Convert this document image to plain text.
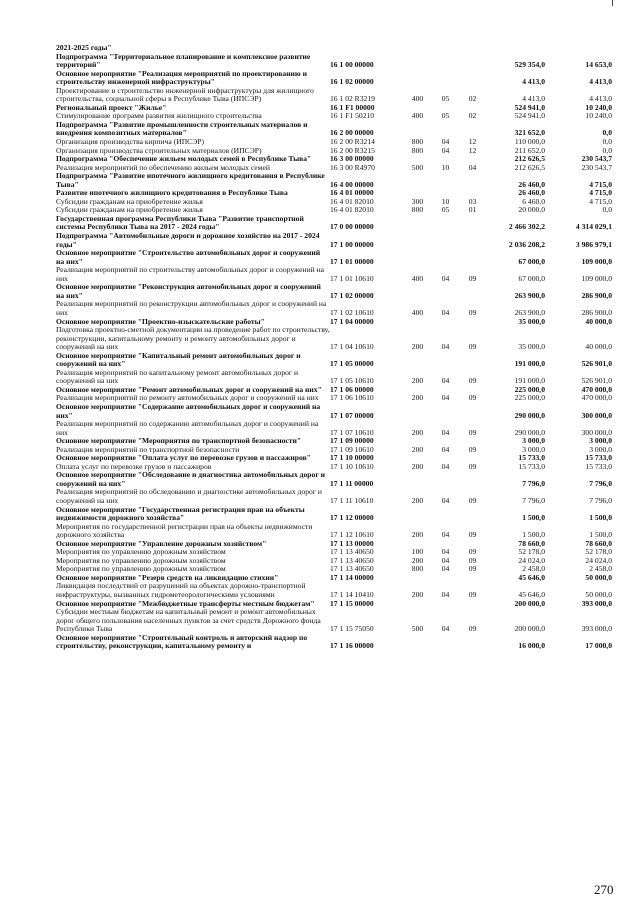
2021-2025 годы"						
Подпрограмма "Территориальное планирование и комплексное развитие территорий"	16 1 00 00000				529 354,0	14 653,0
Основное мероприятие "Реализация мероприятий по проектированию и строительству инженерной инфраструктуры"	16 1 02 00000				4 413,0	4 413,0
Проектирование и строительство инженерной инфраструктуры для жилищного строительства, социальной сферы в Республике Тыва (ИПСЭР)	16 1 02 R3219	400	05	02	4 413,0	4 413,0
Региональный проект "Жилье"	16 1 F1 00000				524 941,0	10 240,0
Стимулирование программ развития жилищного строительства	16 1 F1 50210	400	05	02	524 941,0	10 240,0
Подпрограмма "Развитие промышленности строительных материалов и внедрения композитных материалов"	16 2 00 00000				321 652,0	0,0
Организация производства кирпича (ИПСЭР)	16 2 00 R3214	800	04	12	110 000,0	0,0
Организация производства строительных материалов (ИПСЭР)	16 2 00 R3215	800	04	12	211 652,0	0,0
Подпрограмма "Обеспечение жильем молодых семей в Республике Тыва"	16 3 00 00000				212 626,5	230 543,7
Реализация мероприятий по обеспечению жильем молодых семей	16 3 00 R4970	500	10	04	212 626,5	230 543,7
Подпрограмма "Развитие ипотечного жилищного кредитования в Республике Тыва"	16 4 00 00000				26 460,0	4 715,0
Развитие ипотечного жилищного кредитования в Республике Тыва	16 4 01 00000				26 460,0	4 715,0
Субсидии гражданам на приобретение жилья	16 4 01 82010	300	10	03	6 460,0	4 715,0
Субсидии гражданам на приобретение жилья	16 4 01 82010	800	05	01	20 000,0	0,0
Государственная программа Республики Тыва "Развитие транспортной системы Республики Тыва на 2017 - 2024 годы"	17 0 00 00000				2 466 302,2	4 314 029,1
Подпрограмма "Автомобильные дороги и дорожное хозяйство на 2017 - 2024 годы"	17 1 00 00000				2 036 208,2	3 986 979,1
Основное мероприятие "Строительство автомобильных дорог и сооружений на них"	17 1 01 00000				67 000,0	109 000,0
Реализация мероприятий по строительству автомобильных дорог и сооружений на них	17 1 01 10610	400	04	09	67 000,0	109 000,0
Основное мероприятие "Реконструкция автомобильных дорог и сооружений на них"	17 1 02 00000				263 900,0	286 900,0
Реализация мероприятий по реконструкции автомобильных дорог и сооружений на них	17 1 02 10610	400	04	09	263 900,0	286 900,0
Основное мероприятие "Проектно-изыскательские работы"	17 1 04 00000				35 000,0	40 000,0
Подготовка проектно-сметной документации на проведение работ по строительству, реконструкции, капитальному ремонту и ремонту автомобильных дорог и сооружений на них	17 1 04 10610	200	04	09	35 000,0	40 000,0
Основное мероприятие "Капитальный ремонт автомобильных дорог и сооружений на них"	17 1 05 00000				191 000,0	526 901,0
Реализация мероприятий по капитальному ремонт автомобильных дорог и сооружений на них	17 1 05 10610	200	04	09	191 000,0	526 901,0
Основное мероприятие "Ремонт автомобильных дорог и сооружений на них"	17 1 06 00000				225 000,0	470 000,0
Реализация мероприятий по ремонту автомобильных дорог и сооружений на них	17 1 06 10610	200	04	09	225 000,0	470 000,0
Основное мероприятие "Содержание автомобильных дорог и сооружений на них"	17 1 07 00000				290 000,0	300 000,0
Реализация мероприятий по содержанию автомобильных дорог и сооружений на них	17 1 07 10610	200	04	09	290 000,0	300 000,0
Основное мероприятие "Мероприятия по транспортной безопасности"	17 1 09 00000				3 000,0	3 000,0
Реализация мероприятий по транспортной безопасности	17 1 09 10610	200	04	09	3 000,0	3 000,0
Основное мероприятие "Оплата услуг по перевозке грузов и пассажиров"	17 1 10 00000				15 733,0	15 733,0
Оплата услуг по перевозке грузов и пассажиров	17 1 10 10610	200	04	09	15 733,0	15 733,0
Основное мероприятие "Обследование и диагностика автомобильных дорог и сооружений на них"	17 1 11 00000				7 796,0	7 796,0
Реализация мероприятий по обследованию и диагностике автомобильных дорог и сооружений на них	17 1 11 10610	200	04	09	7 796,0	7 796,0
Основное мероприятие "Государственная регистрация прав на объекты недвижимости дорожного хозяйства"	17 1 12 00000				1 500,0	1 500,0
Мероприятия по государственной регистрации прав на объекты недвижимости дорожного хозяйства	17 1 12 10610	200	04	09	1 500,0	1 500,0
Основное мероприятие "Управление дорожным хозяйством"	17 1 13 00000				78 660,0	78 660,0
Мероприятия по управлению дорожным хозяйством	17 1 13 40650	100	04	09	52 178,0	52 178,0
Мероприятия по управлению дорожным хозяйством	17 1 13 40650	200	04	09	24 024,0	24 024,0
Мероприятия по управлению дорожным хозяйством	17 1 13 40650	800	04	09	2 458,0	2 458,0
Основное мероприятие "Резерв средств на ликвидацию стихии"	17 1 14 00000				45 646,0	50 000,0
Ликвидация последствий от разрушений на объектах дорожно-транспортной инфраструктуры, вызванных гидрометеорологическими условиями	17 1 14 10410	200	04	09	45 646,0	50 000,0
Основное мероприятие "Межбюджетные трансферты местным бюджетам"	17 1 15 00000				200 000,0	393 000,0
Субсидии местным бюджетам на капитальный ремонт и ремонт автомобильных дорог общего пользования населенных пунктов за счет средств Дорожного фонда Республики Тыва	17 1 15 75050	500	04	09	200 000,0	393 000,0
Основное мероприятие "Строительный контроль и авторский надзор по строительству, реконструкции, капитальному ремонту и	17 1 16 00000				16 000,0	17 000,0
270
